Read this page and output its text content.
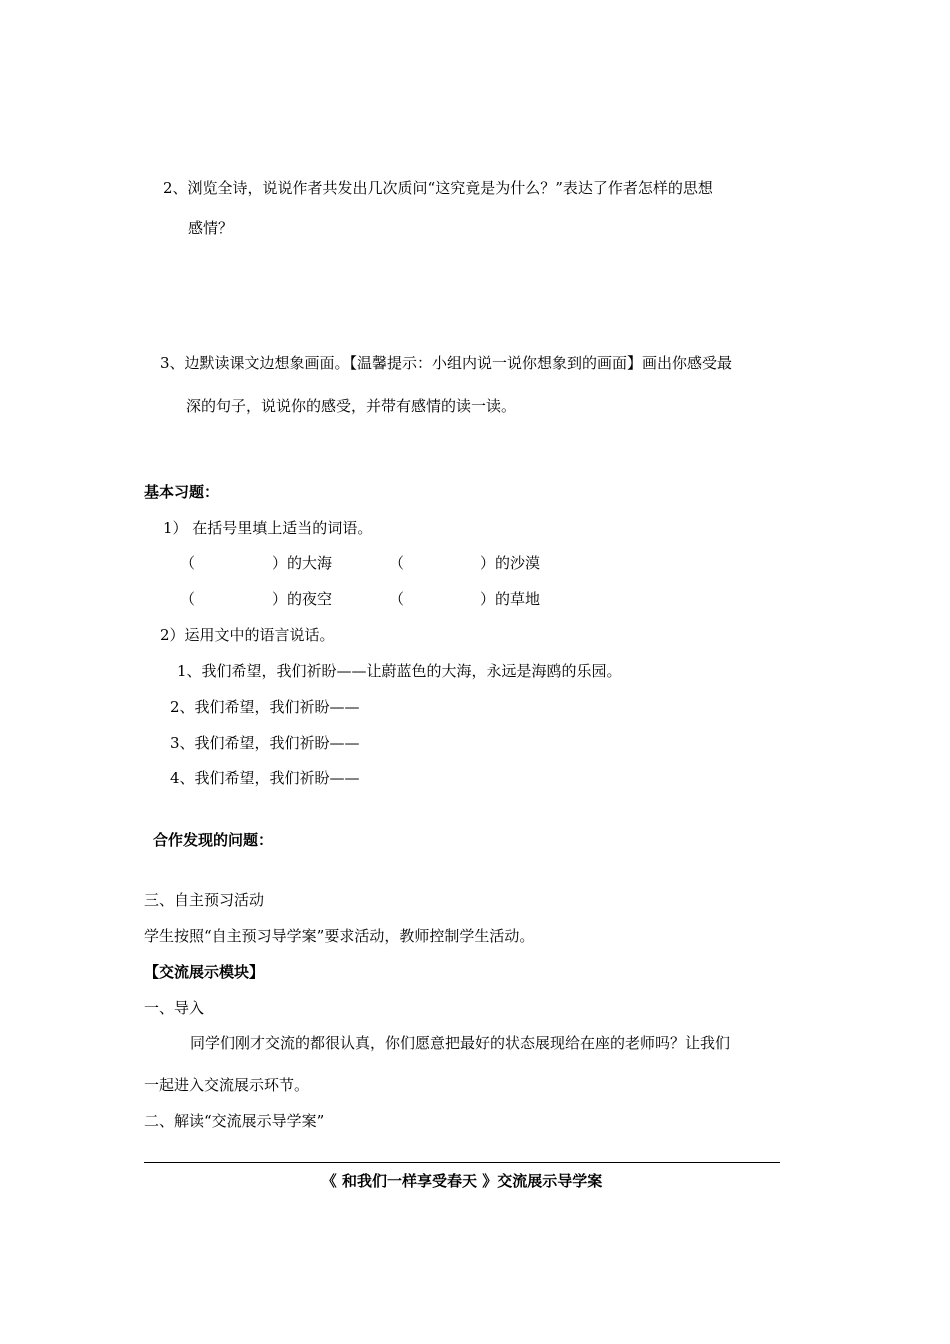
2、浏览全诗，说说作者共发出几次质问“这究竟是为什么？”表达了作者怎样的思想
感情？
3、边默读课文边想象画面。【温馨提示：小组内说一说你想象到的画面】画出你感受最
深的句子，说说你的感受，并带有感情的读一读。
基本习题：
1） 在括号里填上适当的词语。
（	）的大海	（	）的沙漠
（	）的夜空	（	）的草地
2）运用文中的语言说话。
1、我们希望，我们祈盼——让蔚蓝色的大海，永远是海鸥的乐园。
2、我们希望，我们祈盼——
3、我们希望，我们祈盼——
4、我们希望，我们祈盼——
合作发现的问题：
三、自主预习活动
学生按照“自主预习导学案”要求活动，教师控制学生活动。
【交流展示模块】
一、导入
同学们刚才交流的都很认真，你们愿意把最好的状态展现给在座的老师吗？让我们
一起进入交流展示环节。
二、解读“交流展示导学案”
《 和我们一样享受春天 》交流展示导学案
